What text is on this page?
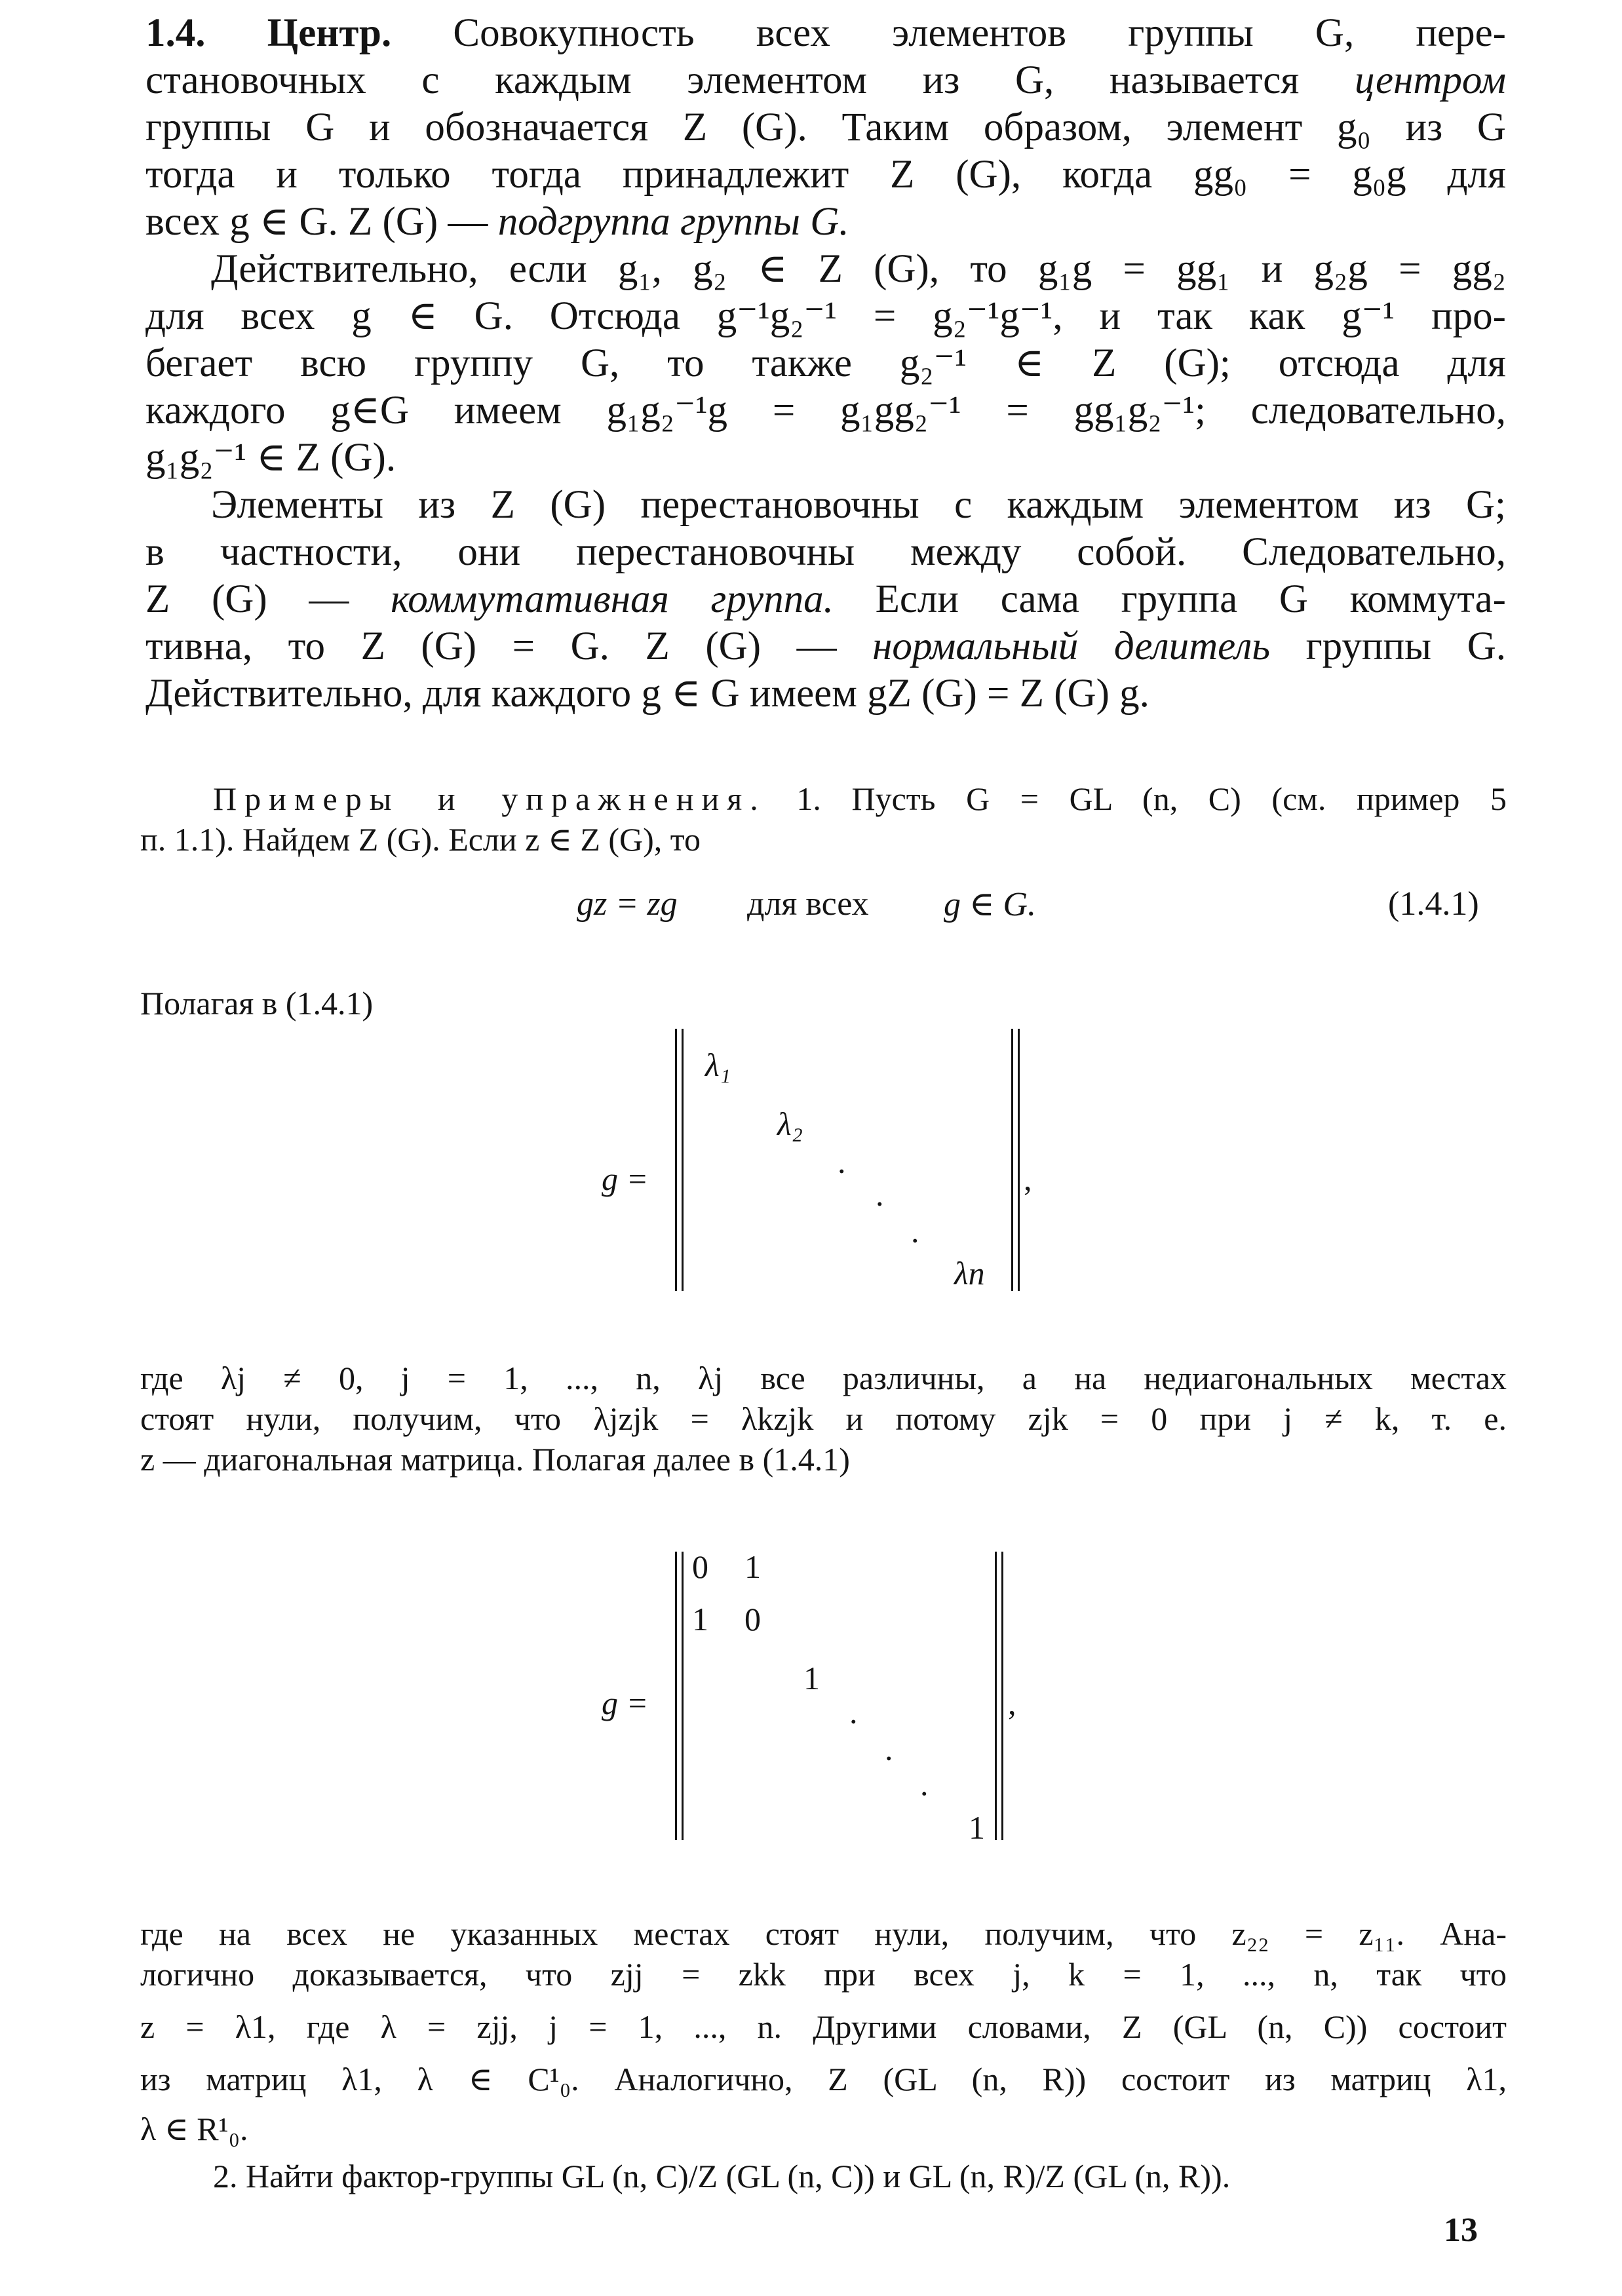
1.4. Центр. Совокупность всех элементов группы G, пере-
становочных с каждым элементом из G, называется центром
группы G и обозначается Z (G). Таким образом, элемент g₀ из G
тогда и только тогда принадлежит Z (G), когда gg₀ = g₀g для
всех g ∈ G. Z (G) — подгруппа группы G.
Действительно, если g₁, g₂ ∈ Z (G), то g₁g = gg₁ и g₂g = gg₂
для всех g ∈ G. Отсюда g⁻¹g₂⁻¹ = g₂⁻¹g⁻¹, и так как g⁻¹ про-
бегает всю группу G, то также g₂⁻¹ ∈ Z (G); отсюда для
каждого g∈G имеем g₁g₂⁻¹g = g₁gg₂⁻¹ = gg₁g₂⁻¹; следовательно,
g₁g₂⁻¹ ∈ Z (G).
Элементы из Z (G) перестановочны с каждым элементом из G;
в частности, они перестановочны между собой. Следовательно,
Z (G) — коммутативная группа. Если сама группа G коммута-
тивна, то Z (G) = G. Z (G) — нормальный делитель группы G.
Действительно, для каждого g ∈ G имеем gZ (G) = Z (G) g.
Примеры и упражнения. 1. Пусть G = GL (n, C) (см. пример 5
п. 1.1). Найдем Z (G). Если z ∈ Z (G), то
gz = zg для всех g ∈ G.	(1.4.1)
Полагая в (1.4.1)
g =
λ₁
λ₂
.
.
.
λn
,
где λj ≠ 0, j = 1, ..., n, λj все различны, а на недиагональных местах
стоят нули, получим, что λjzjk = λkzjk и потому zjk = 0 при j ≠ k, т. е.
z — диагональная матрица. Полагая далее в (1.4.1)
g =
0 1
1 0
1
.
.
.
1
,
где на всех не указанных местах стоят нули, получим, что z₂₂ = z₁₁. Ана-
логично доказывается, что zjj = zkk при всех j, k = 1, ..., n, так что
z = λ1, где λ = zjj, j = 1, ..., n. Другими словами, Z (GL (n, C)) состоит
из матриц λ1, λ ∈ C¹₀. Аналогично, Z (GL (n, R)) состоит из матриц λ1,
λ ∈ R¹₀.
2. Найти фактор-группы GL (n, C)/Z (GL (n, C)) и GL (n, R)/Z (GL (n, R)).
13
